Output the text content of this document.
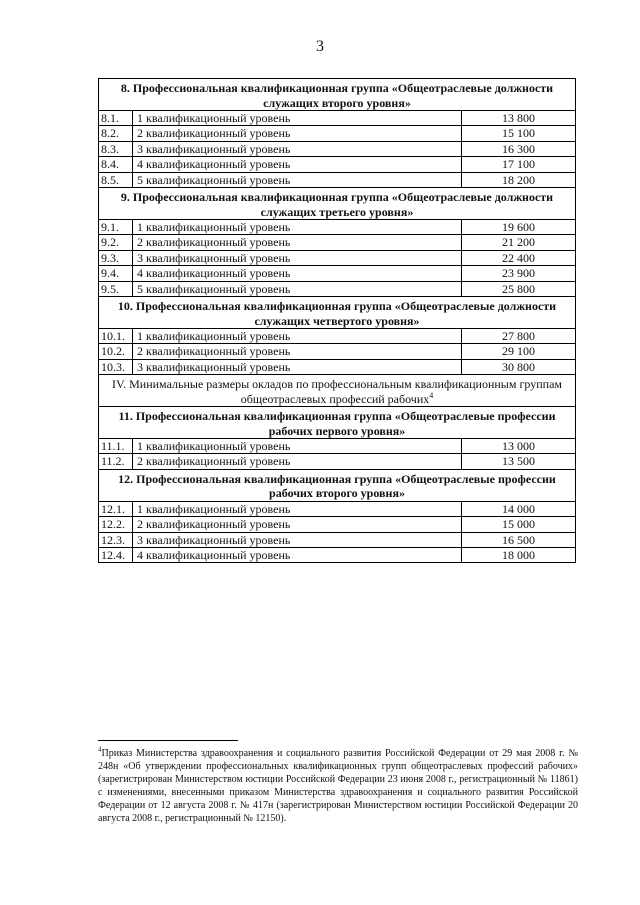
3
8. Профессиональная квалификационная группа «Общеотраслевые должности служащих второго уровня»		
8.1.	1 квалификационный уровень	13 800
8.2.	2 квалификационный уровень	15 100
8.3.	3 квалификационный уровень	16 300
8.4.	4 квалификационный уровень	17 100
8.5.	5 квалификационный уровень	18 200
9. Профессиональная квалификационная группа «Общеотраслевые должности служащих третьего уровня»		
9.1.	1 квалификационный уровень	19 600
9.2.	2 квалификационный уровень	21 200
9.3.	3 квалификационный уровень	22 400
9.4.	4 квалификационный уровень	23 900
9.5.	5 квалификационный уровень	25 800
10. Профессиональная квалификационная группа «Общеотраслевые должности служащих четвертого уровня»		
10.1.	1 квалификационный уровень	27 800
10.2.	2 квалификационный уровень	29 100
10.3.	3 квалификационный уровень	30 800
IV. Минимальные размеры окладов по профессиональным квалификационным группам общеотраслевых профессий рабочих$^4$
11. Профессиональная квалификационная группа «Общеотраслевые профессии рабочих первого уровня»		
11.1.	1 квалификационный уровень	13 000
11.2.	2 квалификационный уровень	13 500
12. Профессиональная квалификационная группа «Общеотраслевые профессии рабочих второго уровня»		
12.1.	1 квалификационный уровень	14 000
12.2.	2 квалификационный уровень	15 000
12.3.	3 квалификационный уровень	16 500
12.4.	4 квалификационный уровень	18 000
$^4$Приказ Министерства здравоохранения и социального развития Российской Федерации от 29 мая 2008 г. № 248н «Об утверждении профессиональных квалификационных групп общеотраслевых профессий рабочих» (зарегистрирован Министерством юстиции Российской Федерации 23 июня 2008 г., регистрационный № 11861) с изменениями, внесенными приказом Министерства здравоохранения и социального развития Российской Федерации от 12 августа 2008 г. № 417н (зарегистрирован Министерством юстиции Российской Федерации 20 августа 2008 г., регистрационный № 12150).
